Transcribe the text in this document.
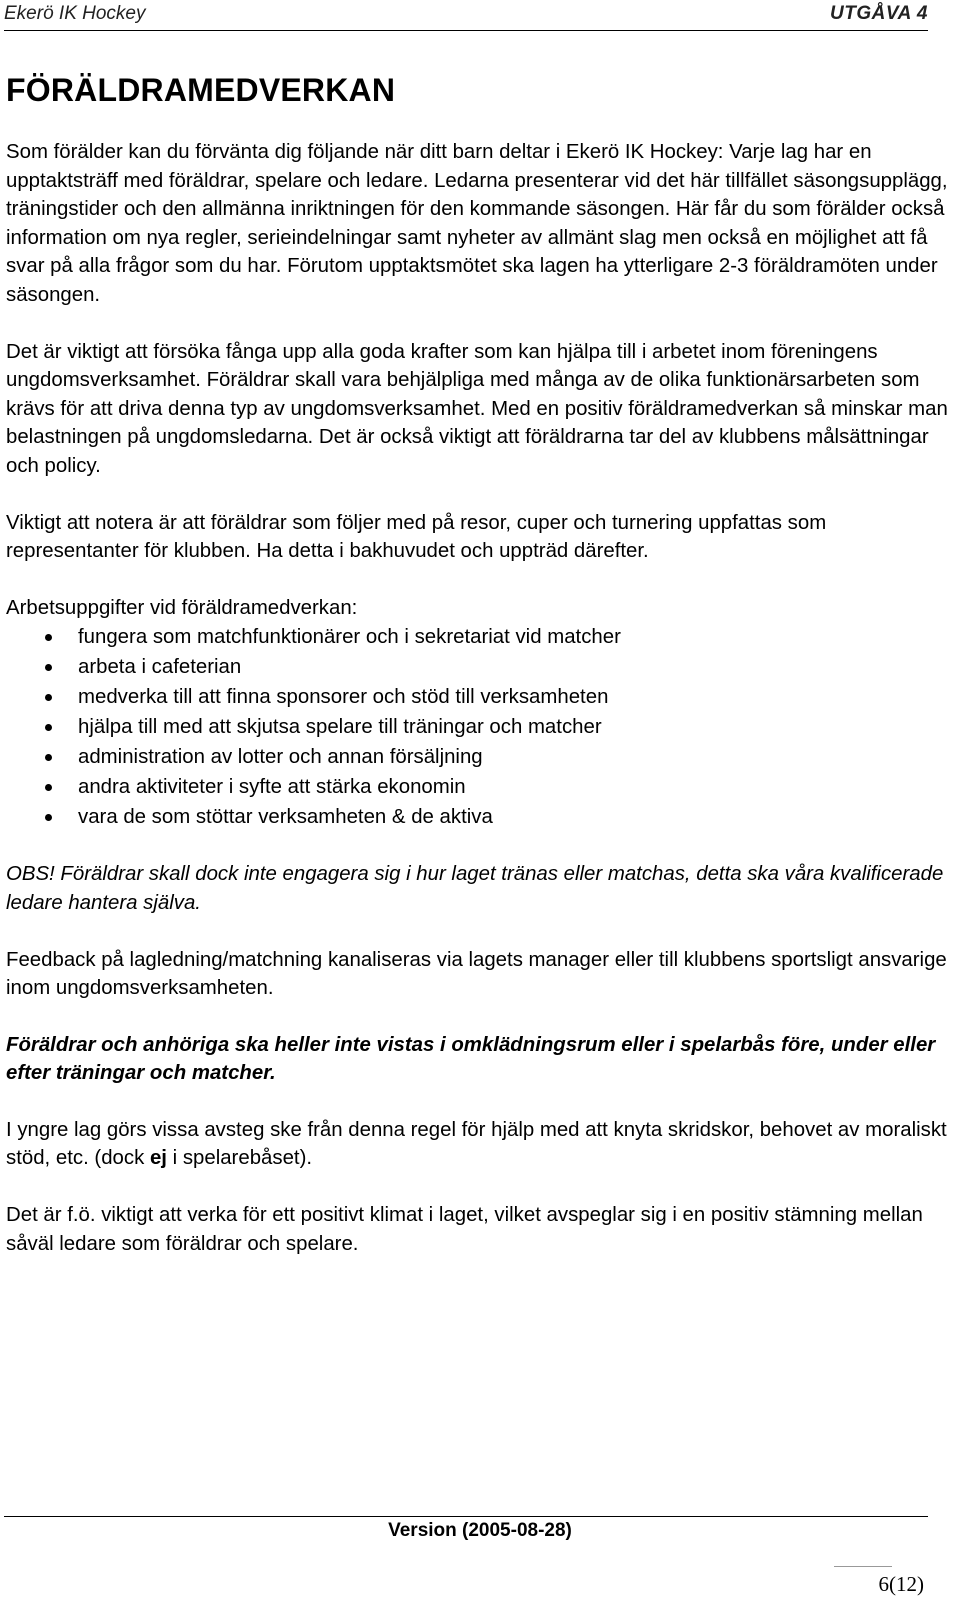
Ekerö IK Hockey	UTGÅVA 4
FÖRÄLDRAMEDVERKAN

Som förälder kan du förvänta dig följande när ditt barn deltar i Ekerö IK Hockey: Varje lag har en upptaktsträff med föräldrar, spelare och ledare. Ledarna presenterar vid det här tillfället säsongsupplägg, träningstider och den allmänna inriktningen för den kommande säsongen. Här får du som förälder också information om nya regler, serieindelningar samt nyheter av allmänt slag men också en möjlighet att få svar på alla frågor som du har. Förutom upptaktsmötet ska lagen ha ytterligare 2-3 föräldramöten under säsongen.

Det är viktigt att försöka fånga upp alla goda krafter som kan hjälpa till i arbetet inom föreningens ungdomsverksamhet. Föräldrar skall vara behjälpliga med många av de olika funktionärsarbeten som krävs för att driva denna typ av ungdomsverksamhet. Med en positiv föräldramedverkan så minskar man belastningen på ungdomsledarna. Det är också viktigt att föräldrarna tar del av klubbens målsättningar och policy.

Viktigt att notera är att föräldrar som följer med på resor, cuper och turnering uppfattas som representanter för klubben. Ha detta i bakhuvudet och uppträd därefter.

Arbetsuppgifter vid föräldramedverkan:
fungera som matchfunktionärer och i sekretariat vid matcher
arbeta i cafeterian
medverka till att finna sponsorer och stöd till verksamheten
hjälpa till med att skjutsa spelare till träningar och matcher
administration av lotter och annan försäljning
andra aktiviteter i syfte att stärka ekonomin
vara de som stöttar verksamheten & de aktiva

OBS! Föräldrar skall dock inte engagera sig i hur laget tränas eller matchas, detta ska våra kvalificerade ledare hantera själva.

Feedback på lagledning/matchning kanaliseras via lagets manager eller till klubbens sportsligt ansvarige inom ungdomsverksamheten.

Föräldrar och anhöriga ska heller inte vistas i omklädningsrum eller i spelarbås före, under eller efter träningar och matcher.

I yngre lag görs vissa avsteg ske från denna regel för hjälp med att knyta skridskor, behovet av moraliskt stöd, etc. (dock ej i spelarebåset).

Det är f.ö. viktigt att verka för ett positivt klimat i laget, vilket avspeglar sig i en positiv stämning mellan såväl ledare som föräldrar och spelare.

Version (2005-08-28)
6(12)
